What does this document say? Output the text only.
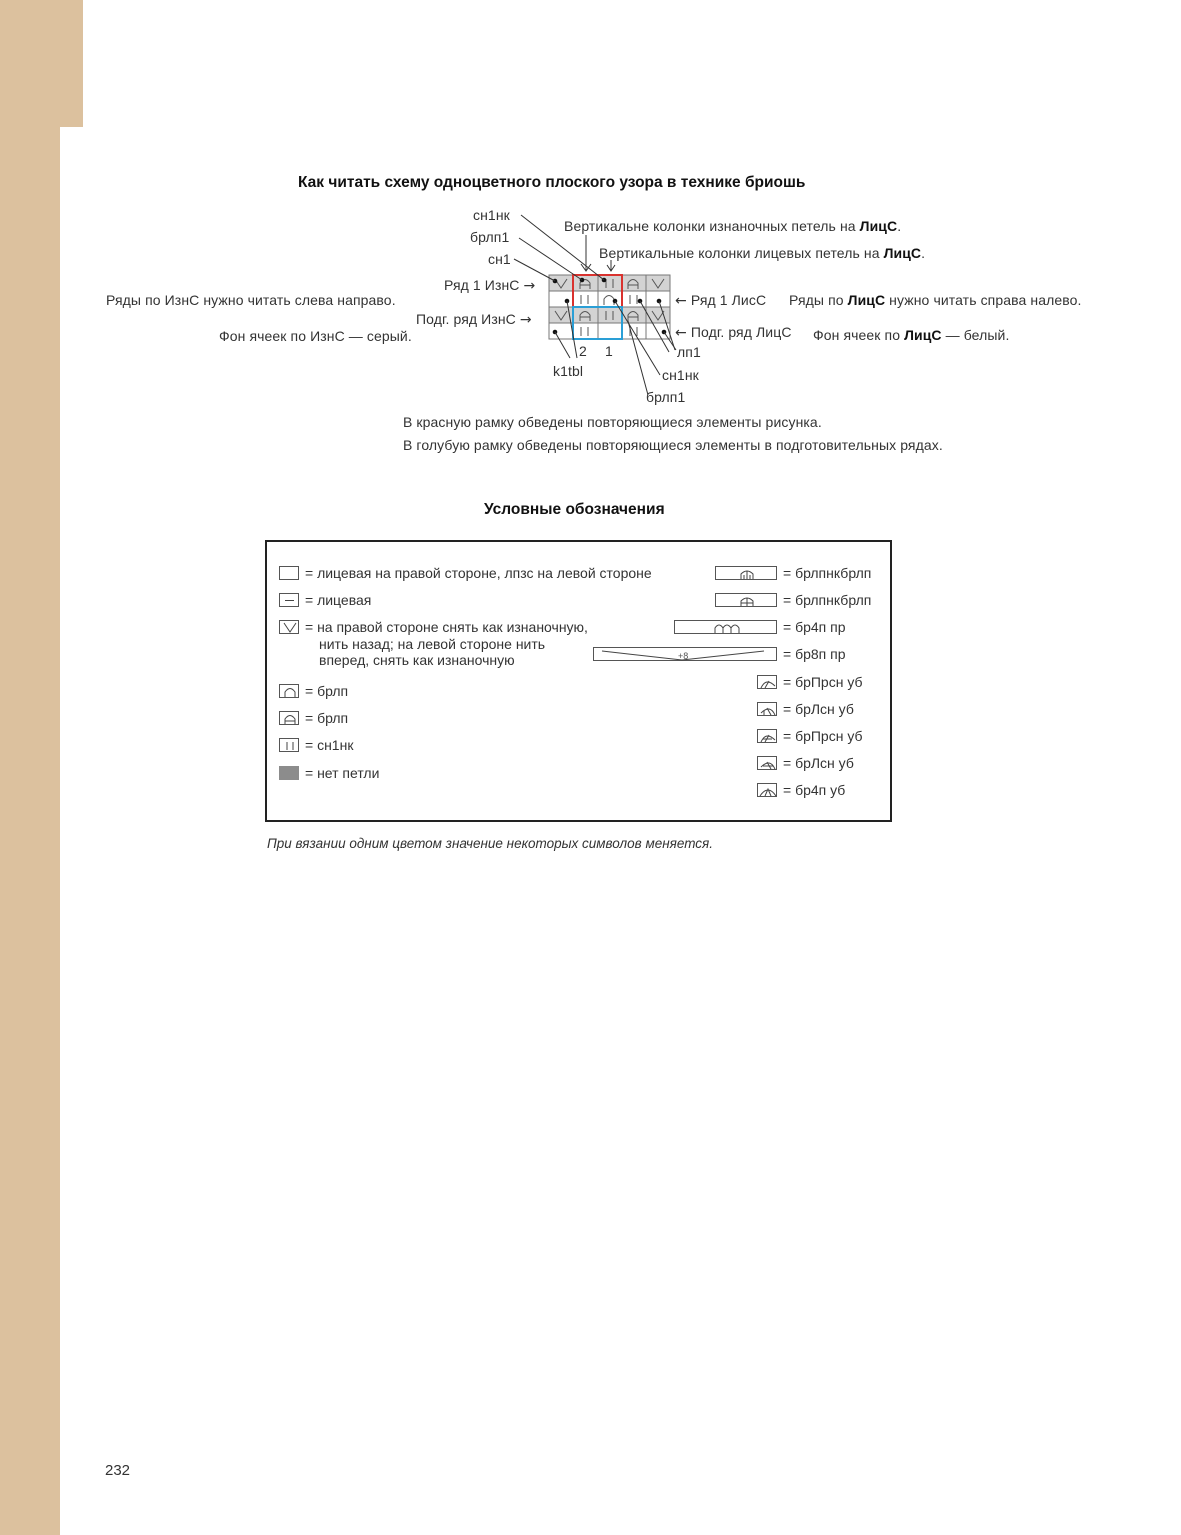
Как читать схему одноцветного плоского узора в технике бриошь
сн1нк
брлп1
сн1
Вертикальне колонки изнаночных петель на ЛицС.
Вертикальные колонки лицевых петель на ЛицС.
Ряд 1 ИзнС →
Ряды по ИзнС нужно читать слева направо.
Подг. ряд ИзнС →
Фон ячеек по ИзнС — серый.
← Ряд 1 ЛисС Ряды по ЛицС нужно читать справа налево.
← Подг. ряд ЛицС Фон ячеек по ЛицС — белый.
2 1
k1tbl
лп1
сн1нк
брлп1
В красную рамку обведены повторяющиеся элементы рисунка.
В голубую рамку обведены повторяющиеся элементы в подготовительных рядах.
Условные обозначения
= лицевая на правой стороне, лпзс на левой стороне
= лицевая
= на правой стороне снять как изнаночную,
нить назад; на левой стороне нить
вперед, снять как изнаночную
= брлп
= брлп
= сн1нк
= нет петли
= брлпнкбрлп
= брлпнкбрлп
= бр4п пр
+8	= бр8п пр
= брПрсн уб
= брЛсн уб
= брПрсн уб
= брЛсн уб
= бр4п уб
При вязании одним цветом значение некоторых символов меняется.
232
